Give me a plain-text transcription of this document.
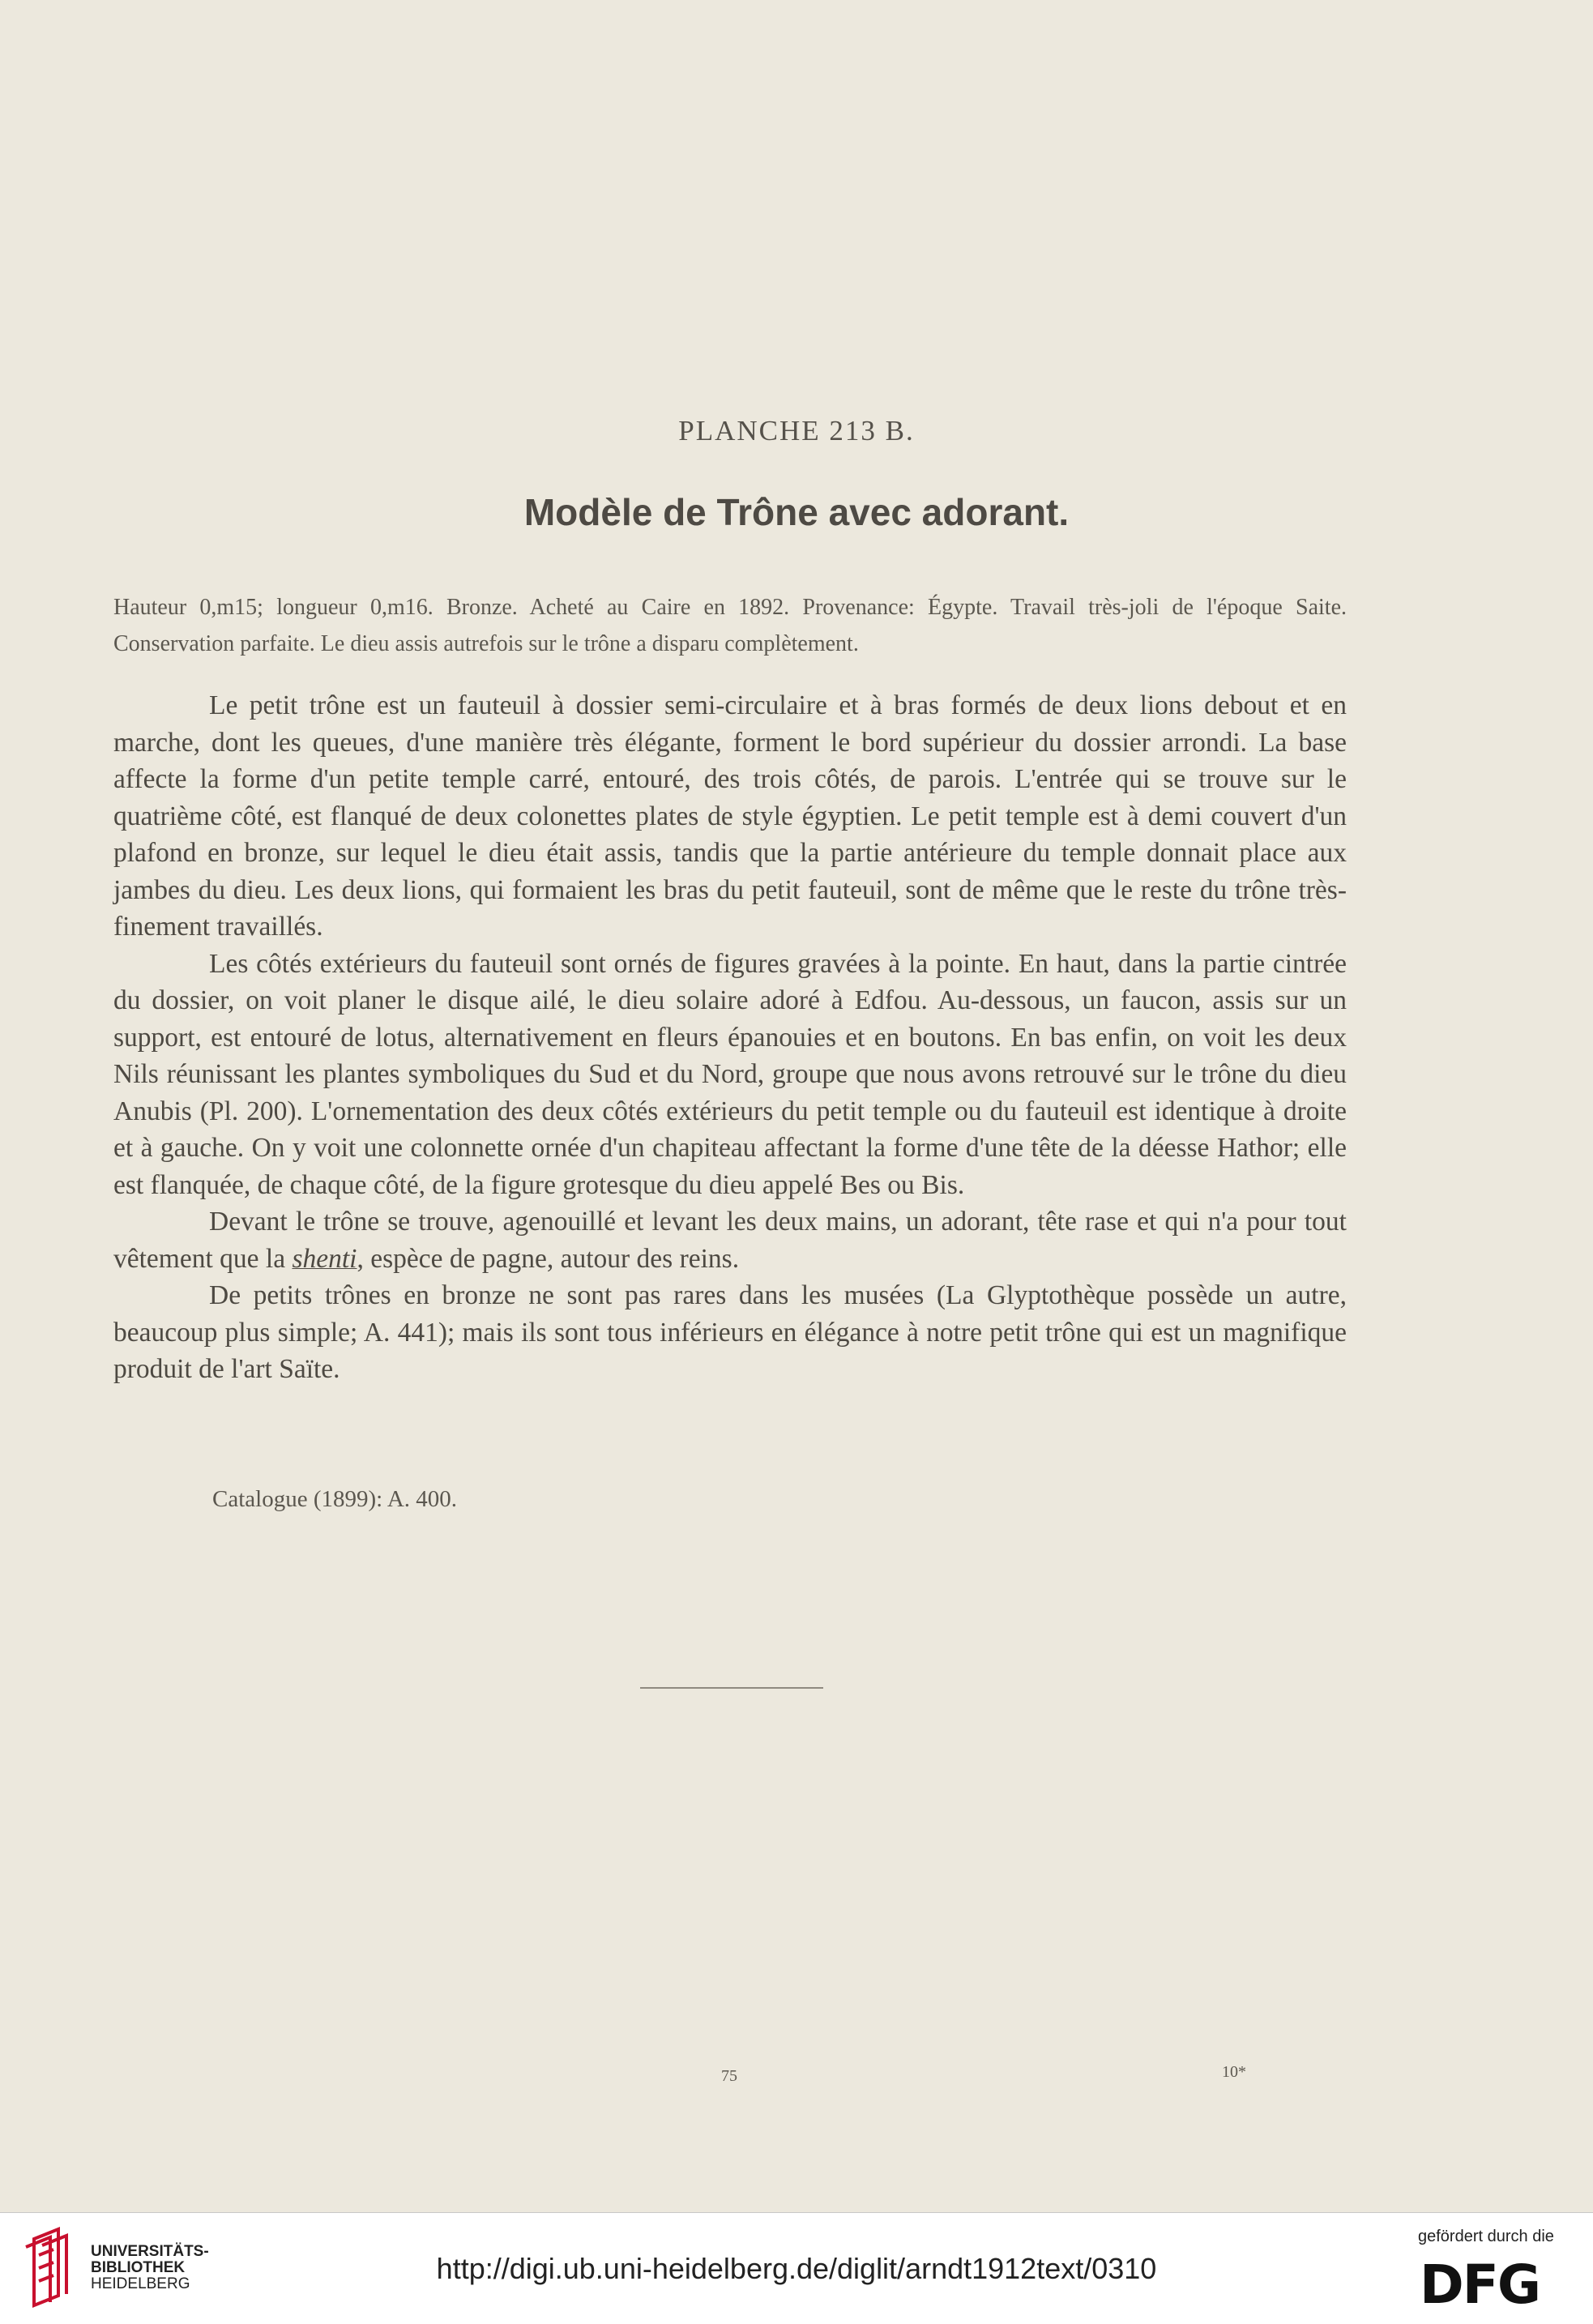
PLANCHE 213 B.
Modèle de Trône avec adorant.
Hauteur 0,m15; longueur 0,m16. Bronze. Acheté au Caire en 1892. Provenance: Égypte. Travail très-joli de l'époque Saite. Conservation parfaite. Le dieu assis autrefois sur le trône a disparu complètement.

Le petit trône est un fauteuil à dossier semi-circulaire et à bras formés de deux lions debout et en marche, dont les queues, d'une manière très élégante, forment le bord supérieur du dossier arrondi. La base affecte la forme d'un petite temple carré, entouré, des trois côtés, de parois. L'entrée qui se trouve sur le quatrième côté, est flanqué de deux colonettes plates de style égyptien. Le petit temple est à demi couvert d'un plafond en bronze, sur lequel le dieu était assis, tandis que la partie antérieure du temple donnait place aux jambes du dieu. Les deux lions, qui formaient les bras du petit fauteuil, sont de même que le reste du trône très-finement travaillés.

Les côtés extérieurs du fauteuil sont ornés de figures gravées à la pointe. En haut, dans la partie cintrée du dossier, on voit planer le disque ailé, le dieu solaire adoré à Edfou. Au-dessous, un faucon, assis sur un support, est entouré de lotus, alternativement en fleurs épanouies et en boutons. En bas enfin, on voit les deux Nils réunissant les plantes symboliques du Sud et du Nord, groupe que nous avons retrouvé sur le trône du dieu Anubis (Pl. 200). L'ornementation des deux côtés extérieurs du petit temple ou du fauteuil est identique à droite et à gauche. On y voit une colonnette ornée d'un chapiteau affectant la forme d'une tête de la déesse Hathor; elle est flanquée, de chaque côté, de la figure grotesque du dieu appelé Bes ou Bis.

Devant le trône se trouve, agenouillé et levant les deux mains, un adorant, tête rase et qui n'a pour tout vêtement que la shenti, espèce de pagne, autour des reins.

De petits trônes en bronze ne sont pas rares dans les musées (La Glyptothèque possède un autre, beaucoup plus simple; A. 441); mais ils sont tous inférieurs en élégance à notre petit trône qui est un magnifique produit de l'art Saïte.

Catalogue (1899): A. 400.
75	10*
UNIVERSITÄTS-
BIBLIOTHEK
HEIDELBERG	http://digi.ub.uni-heidelberg.de/diglit/arndt1912text/0310
gefördert durch die
DFG
